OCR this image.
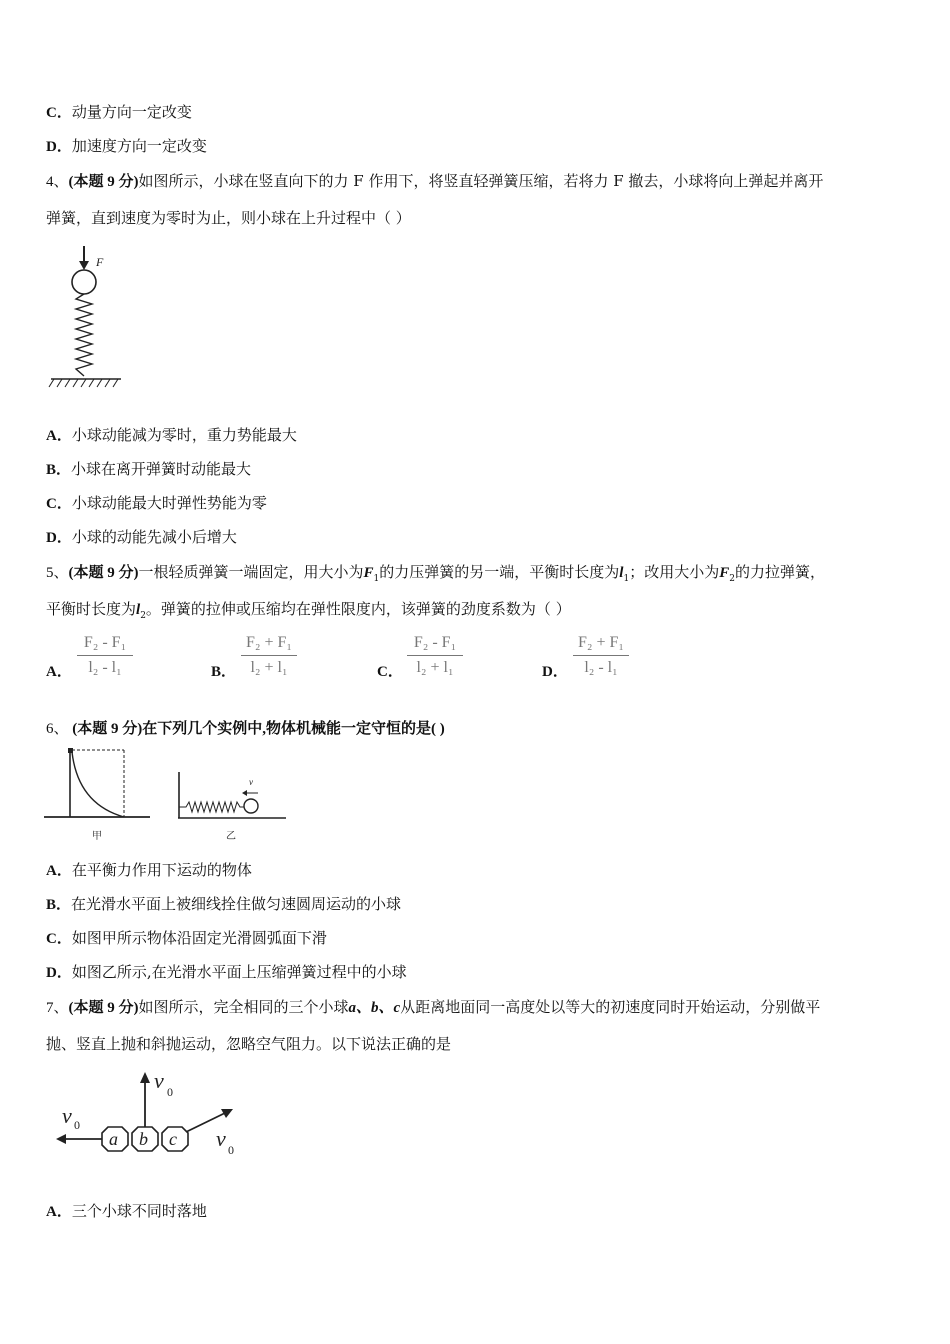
C．动量方向一定改变
D．加速度方向一定改变
4、(本题 9 分)如图所示，小球在竖直向下的力 F 作用下，将竖直轻弹簧压缩，若将力 F 撤去，小球将向上弹起并离开
弹簧，直到速度为零时为止，则小球在上升过程中（ ）
F
A．小球动能减为零时，重力势能最大
B．小球在离开弹簧时动能最大
C．小球动能最大时弹性势能为零
D．小球的动能先减小后增大
5、(本题 9 分)一根轻质弹簧一端固定，用大小为$F_1$的力压弹簧的另一端，平衡时长度为$l_1$；改用大小为$F_2$的力拉弹簧，
平衡时长度为$l_2$。弹簧的拉伸或压缩均在弹性限度内，该弹簧的劲度系数为（ ）
A．
F₂ - F₁
l₂ - l₁	B．
F₂ + F₁
l₂ + l₁	C．
F₂ - F₁
l₂ + l₁	D．
F₂ + F₁
l₂ - l₁
6、 (本题 9 分)在下列几个实例中,物体机械能一定守恒的是( )
甲
v
乙
A．在平衡力作用下运动的物体
B．在光滑水平面上被细线拴住做匀速圆周运动的小球
C．如图甲所示物体沿固定光滑圆弧面下滑
D．如图乙所示,在光滑水平面上压缩弹簧过程中的小球
7、(本题 9 分)如图所示，完全相同的三个小球a、b、c从距离地面同一高度处以等大的初速度同时开始运动，分别做平
抛、竖直上抛和斜抛运动，忽略空气阻力。以下说法正确的是
v 0
v 0
v 0
a b c
A．三个小球不同时落地
